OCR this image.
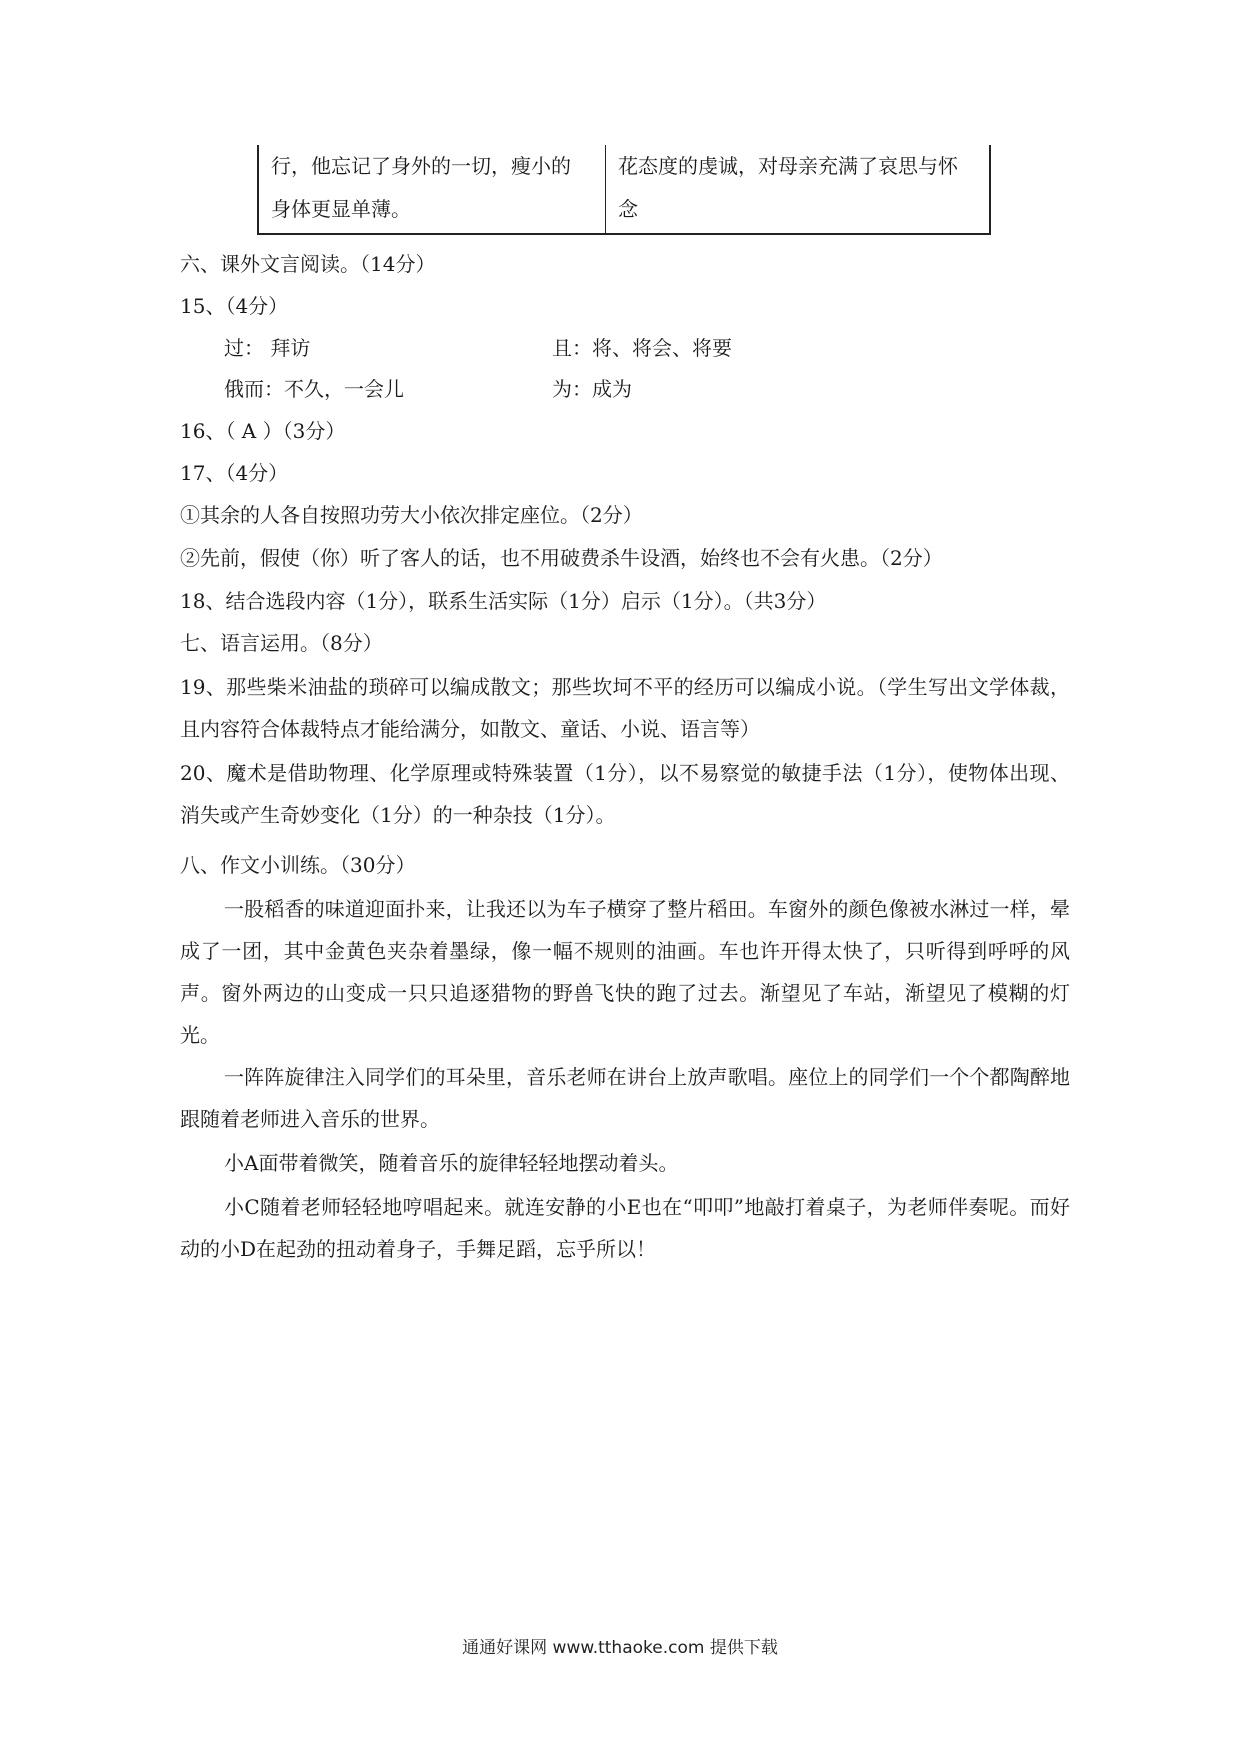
行，他忘记了身外的一切，瘦小的
身体更显单薄。

花态度的虔诚，对母亲充满了哀思与怀
念
六、课外文言阅读。（14分）
15、（4分）
过： 拜访	且：将、将会、将要
俄而：不久，一会儿	为：成为
16、（ A ）（3分）
17、（4分）
①其余的人各自按照功劳大小依次排定座位。（2分）
②先前，假使（你）听了客人的话，也不用破费杀牛设酒，始终也不会有火患。（2分）
18、结合选段内容（1分），联系生活实际（1分）启示（1分）。（共3分）
七、语言运用。（8分）
19、那些柴米油盐的琐碎可以编成散文；那些坎坷不平的经历可以编成小说。（学生写出文学体裁，且内容符合体裁特点才能给满分，如散文、童话、小说、语言等）
20、魔术是借助物理、化学原理或特殊装置（1分），以不易察觉的敏捷手法（1分），使物体出现、消失或产生奇妙变化（1分）的一种杂技（1分）。
八、作文小训练。（30分）
一股稻香的味道迎面扑来，让我还以为车子横穿了整片稻田。车窗外的颜色像被水淋过一样，晕成了一团，其中金黄色夹杂着墨绿，像一幅不规则的油画。车也许开得太快了，只听得到呼呼的风声。窗外两边的山变成一只只追逐猎物的野兽飞快的跑了过去。渐望见了车站，渐望见了模糊的灯光。
一阵阵旋律注入同学们的耳朵里，音乐老师在讲台上放声歌唱。座位上的同学们一个个都陶醉地跟随着老师进入音乐的世界。
小A面带着微笑，随着音乐的旋律轻轻地摆动着头。
小C随着老师轻轻地哼唱起来。就连安静的小E也在“叩叩”地敲打着桌子，为老师伴奏呢。而好动的小D在起劲的扭动着身子，手舞足蹈，忘乎所以！
通通好课网 www.tthaoke.com 提供下载
